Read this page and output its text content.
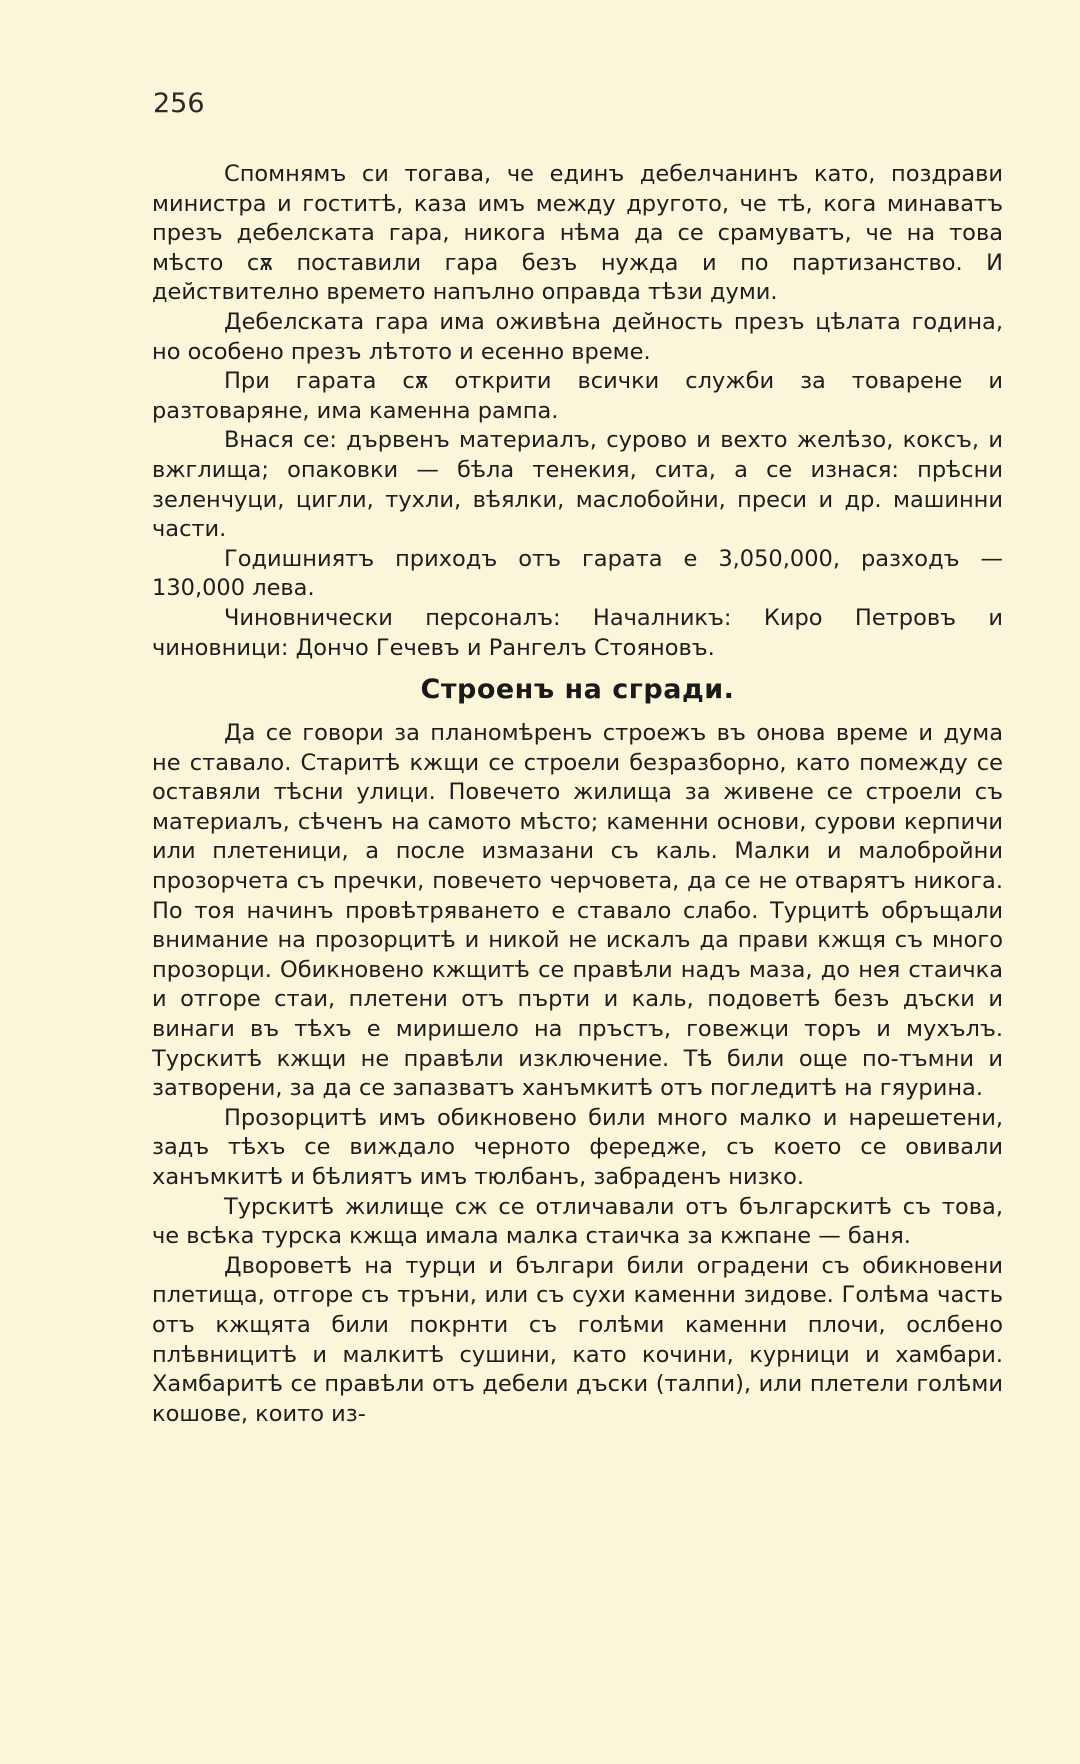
256

Спомнямъ си тогава, че единъ дебелчанинъ като, поздрави министра и гоститѣ, каза имъ между другото, че тѣ, кога минаватъ презъ дебелската гара, никога нѣма да се срамуватъ, че на това мѣсто сѫ поставили гара безъ нужда и по партизанство. И действително времето напълно оправда тѣзи думи.

Дебелската гара има оживѣна дейность презъ цѣлата година, но особено презъ лѣтото и есенно време.

При гарата сѫ открити всички служби за товарене и разтоваряне, има каменна рампа.

Внася се: дървенъ материалъ, сурово и вехто желѣзо, коксъ, и вжглища; опаковки — бѣла тенекия, сита, а се изнася: прѣсни зеленчуци, цигли, тухли, вѣялки, маслобойни, преси и др. машинни части.

Годишниятъ приходъ отъ гарата е 3,050,000, разходъ — 130,000 лева.

Чиновнически персоналъ: Началникъ: Киро Петровъ и чиновници: Дончо Гечевъ и Рангелъ Стояновъ.

Строенъ на сгради.

Да се говори за планомѣренъ строежъ въ онова време и дума не ставало. Старитѣ кжщи се строели безразборно, като помежду се оставяли тѣсни улици. Повечето жилища за живене се строели съ материалъ, сѣченъ на самото мѣсто; каменни основи, сурови керпичи или плетеници, а после измазани съ каль. Малки и малобройни прозорчета съ пречки, повечето черчовета, да се не отварятъ никога. По тоя начинъ провѣтряването е ставало слабо. Турцитѣ обръщали внимание на прозорцитѣ и никой не искалъ да прави кжщя съ много прозорци. Обикновено кжщитѣ се правѣли надъ маза, до нея стаичка и отгоре стаи, плетени отъ пърти и каль, подоветѣ безъ дъски и винаги въ тѣхъ е миришело на пръстъ, говежци торъ и мухълъ. Турскитѣ кжщи не правѣли изключение. Тѣ били още по-тъмни и затворени, за да се запазватъ ханъмкитѣ отъ погледитѣ на гяурина.

Прозорцитѣ имъ обикновено били много малко и нарешетени, задъ тѣхъ се виждало черното фереджe, съ което се овивали ханъмкитѣ и бѣлиятъ имъ тюлбанъ, забраденъ низко.

Турскитѣ жилище сж се отличавали отъ българскитѣ съ това, че всѣка турска кжща имала малка стаичка за кжпане — баня.

Дворoветѣ на турци и българи били оградени съ обикновени плетища, отгоре съ тръни, или съ сухи каменни зидове. Голѣма часть отъ кжщята били покрнти съ голѣми каменни плочи, ослбено плѣвницитѣ и малкитѣ сушини, като кочини, курници и хамбари. Хамбаритѣ се правѣли отъ дебели дъски (талпи), или плетели голѣми кошове, които из-
